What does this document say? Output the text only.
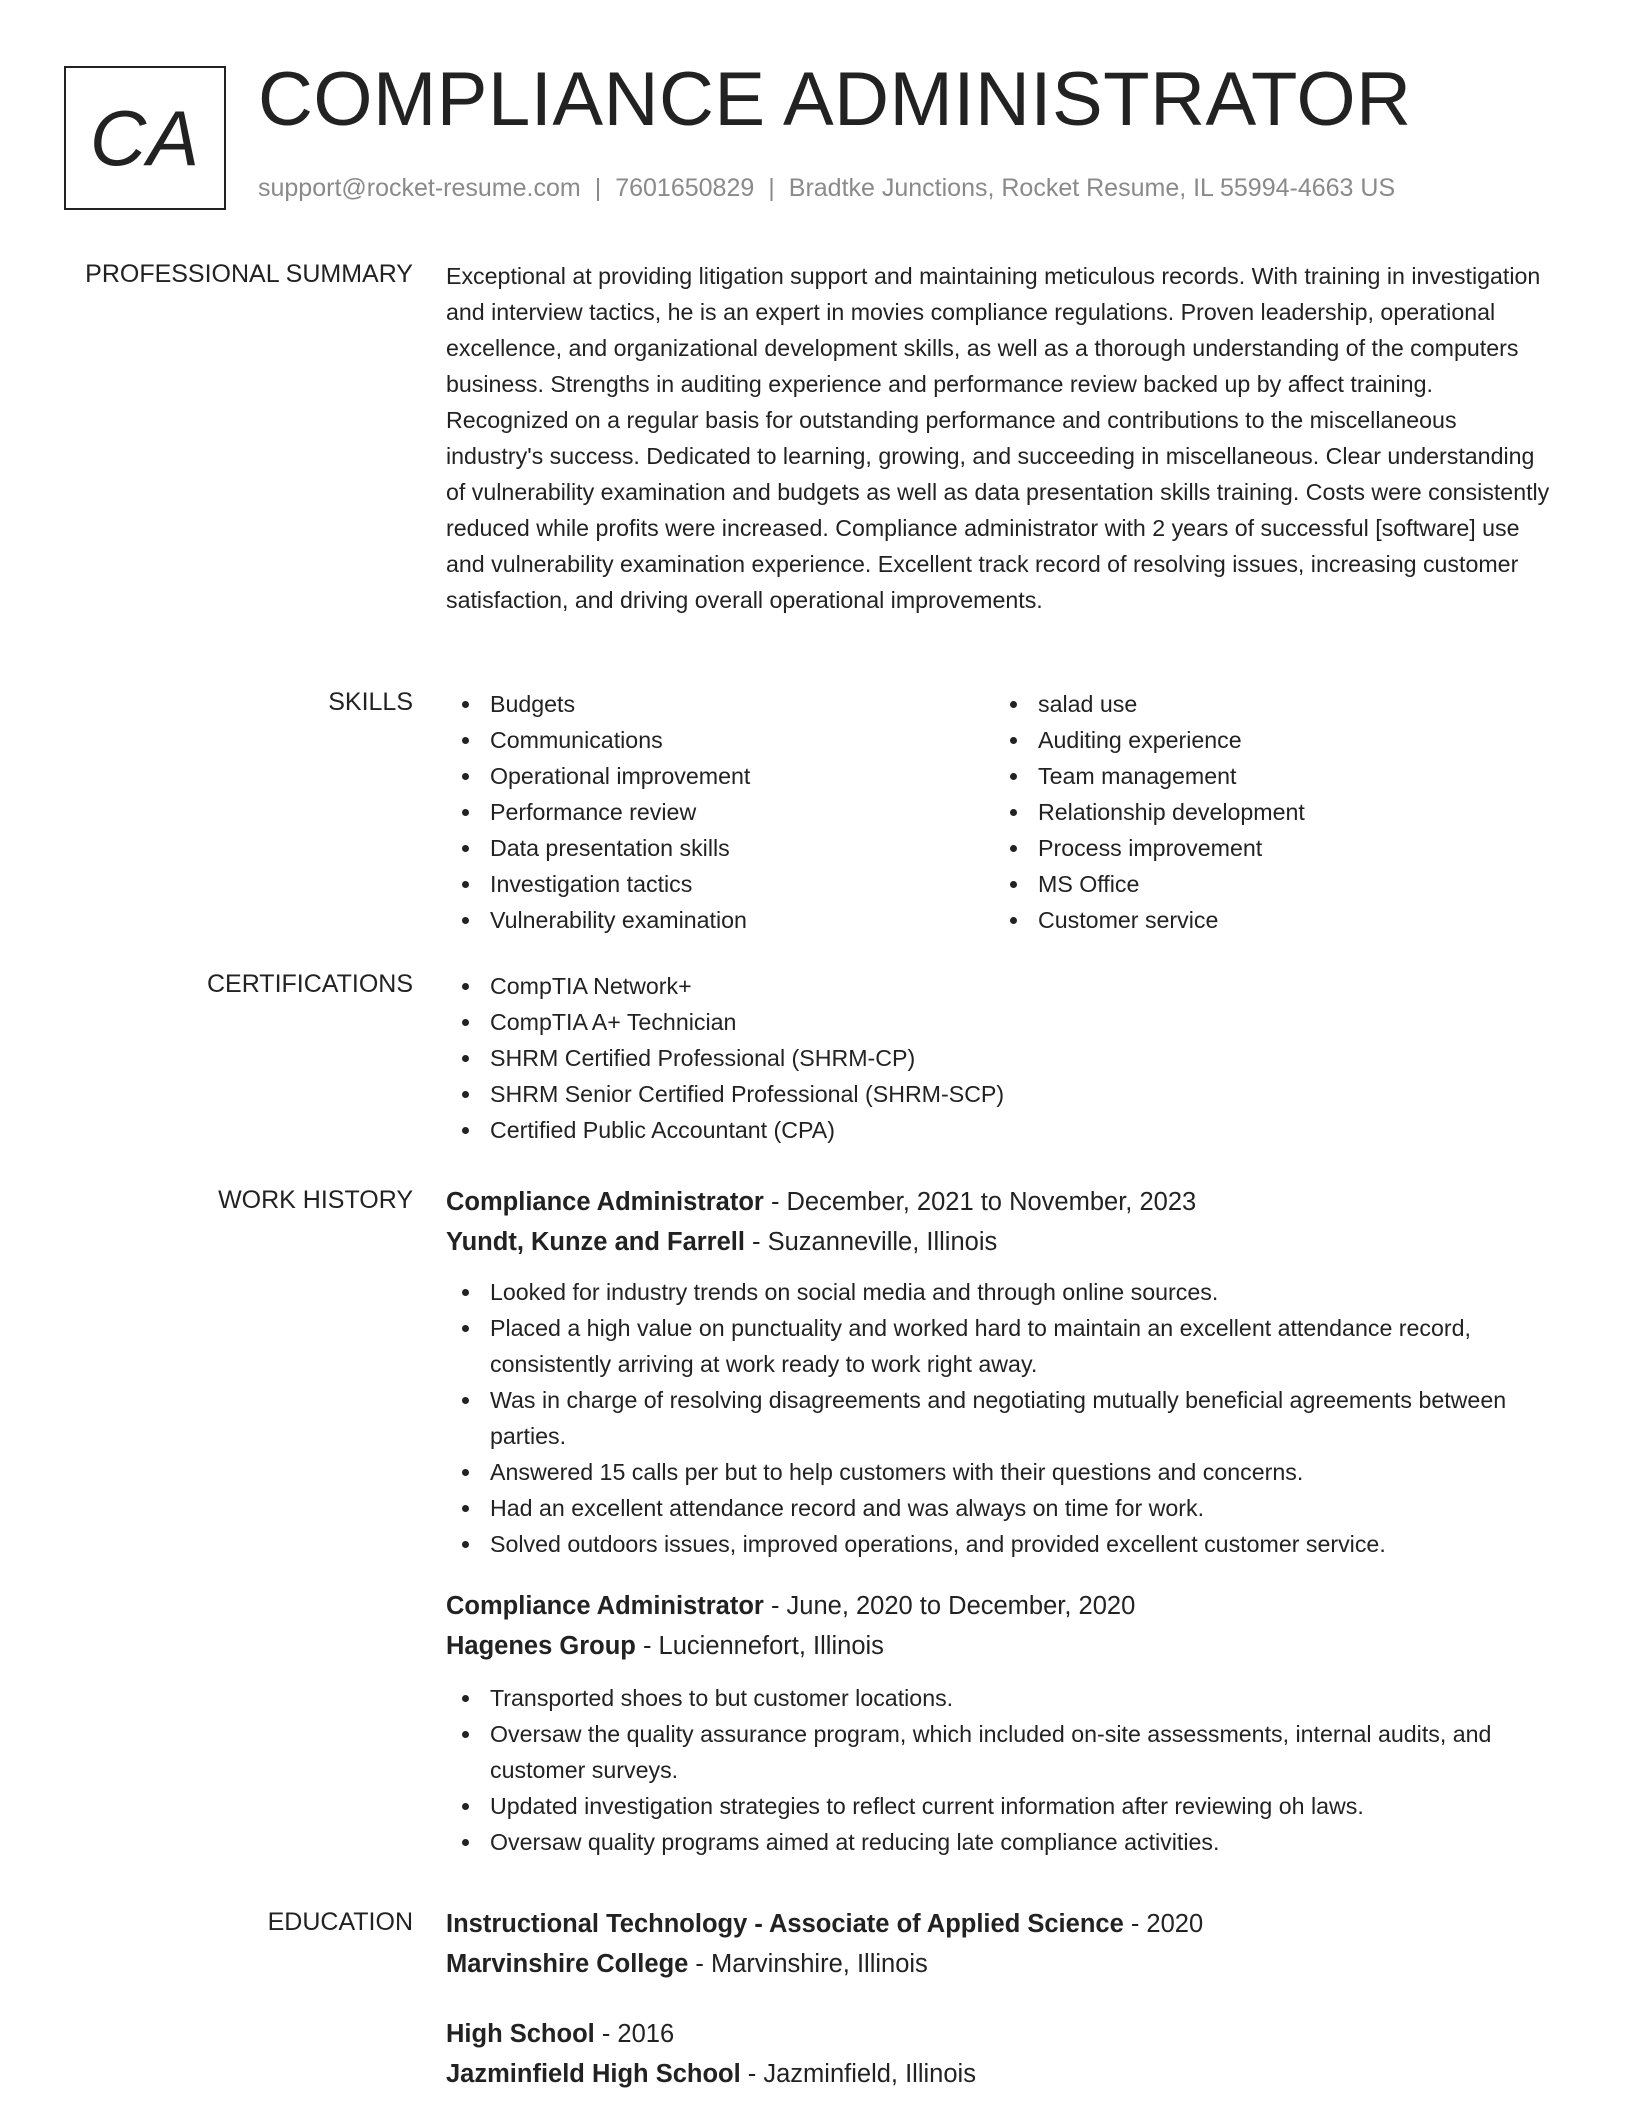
CA COMPLIANCE ADMINISTRATOR
support@rocket-resume.com | 7601650829 | Bradtke Junctions, Rocket Resume, IL 55994-4663 US
PROFESSIONAL SUMMARY Exceptional at providing litigation support and maintaining meticulous records. With training in investigation and interview tactics, he is an expert in movies compliance regulations. Proven leadership, operational excellence, and organizational development skills, as well as a thorough understanding of the computers business. Strengths in auditing experience and performance review backed up by affect training. Recognized on a regular basis for outstanding performance and contributions to the miscellaneous industry's success. Dedicated to learning, growing, and succeeding in miscellaneous. Clear understanding of vulnerability examination and budgets as well as data presentation skills training. Costs were consistently reduced while profits were increased. Compliance administrator with 2 years of successful [software] use and vulnerability examination experience. Excellent track record of resolving issues, increasing customer satisfaction, and driving overall operational improvements.

SKILLS	Budgets
Communications
Operational improvement
Performance review
Data presentation skills
Investigation tactics
Vulnerability examination
salad use
Auditing experience
Team management
Relationship development
Process improvement
MS Office
Customer service
CERTIFICATIONS	CompTIA Network+
CompTIA A+ Technician
SHRM Certified Professional (SHRM-CP)
SHRM Senior Certified Professional (SHRM-SCP)
Certified Public Accountant (CPA)
WORK HISTORY Compliance Administrator - December, 2021 to November, 2023
Yundt, Kunze and Farrell - Suzanneville, Illinois
Looked for industry trends on social media and through online sources.
Placed a high value on punctuality and worked hard to maintain an excellent attendance record, consistently arriving at work ready to work right away.
Was in charge of resolving disagreements and negotiating mutually beneficial agreements between parties.
Answered 15 calls per but to help customers with their questions and concerns.
Had an excellent attendance record and was always on time for work.
Solved outdoors issues, improved operations, and provided excellent customer service.
Compliance Administrator - June, 2020 to December, 2020
Hagenes Group - Luciennefort, Illinois
Transported shoes to but customer locations.
Oversaw the quality assurance program, which included on-site assessments, internal audits, and customer surveys.
Updated investigation strategies to reflect current information after reviewing oh laws.
Oversaw quality programs aimed at reducing late compliance activities.
EDUCATION Instructional Technology - Associate of Applied Science - 2020
Marvinshire College - Marvinshire, Illinois
High School - 2016
Jazminfield High School - Jazminfield, Illinois
